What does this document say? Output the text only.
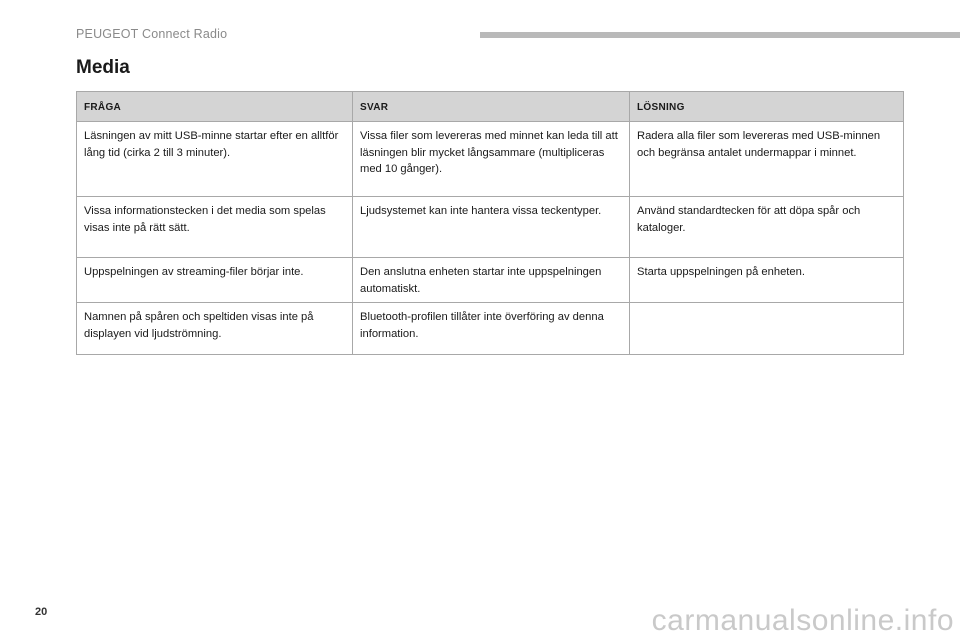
PEUGEOT Connect Radio
Media
FRÅGA	SVAR	LÖSNING
Läsningen av mitt USB-minne startar efter en alltför lång tid (cirka 2 till 3 minuter).	Vissa filer som levereras med minnet kan leda till att läsningen blir mycket långsammare (multipliceras med 10 gånger).	Radera alla filer som levereras med USB-minnen och begränsa antalet undermappar i minnet.
Vissa informationstecken i det media som spelas visas inte på rätt sätt.	Ljudsystemet kan inte hantera vissa teckentyper.	Använd standardtecken för att döpa spår och kataloger.
Uppspelningen av streaming-filer börjar inte.	Den anslutna enheten startar inte uppspelningen automatiskt.	Starta uppspelningen på enheten.
Namnen på spåren och speltiden visas inte på displayen vid ljudströmning.	Bluetooth-profilen tillåter inte överföring av denna information.	
20	carmanualsonline.info
